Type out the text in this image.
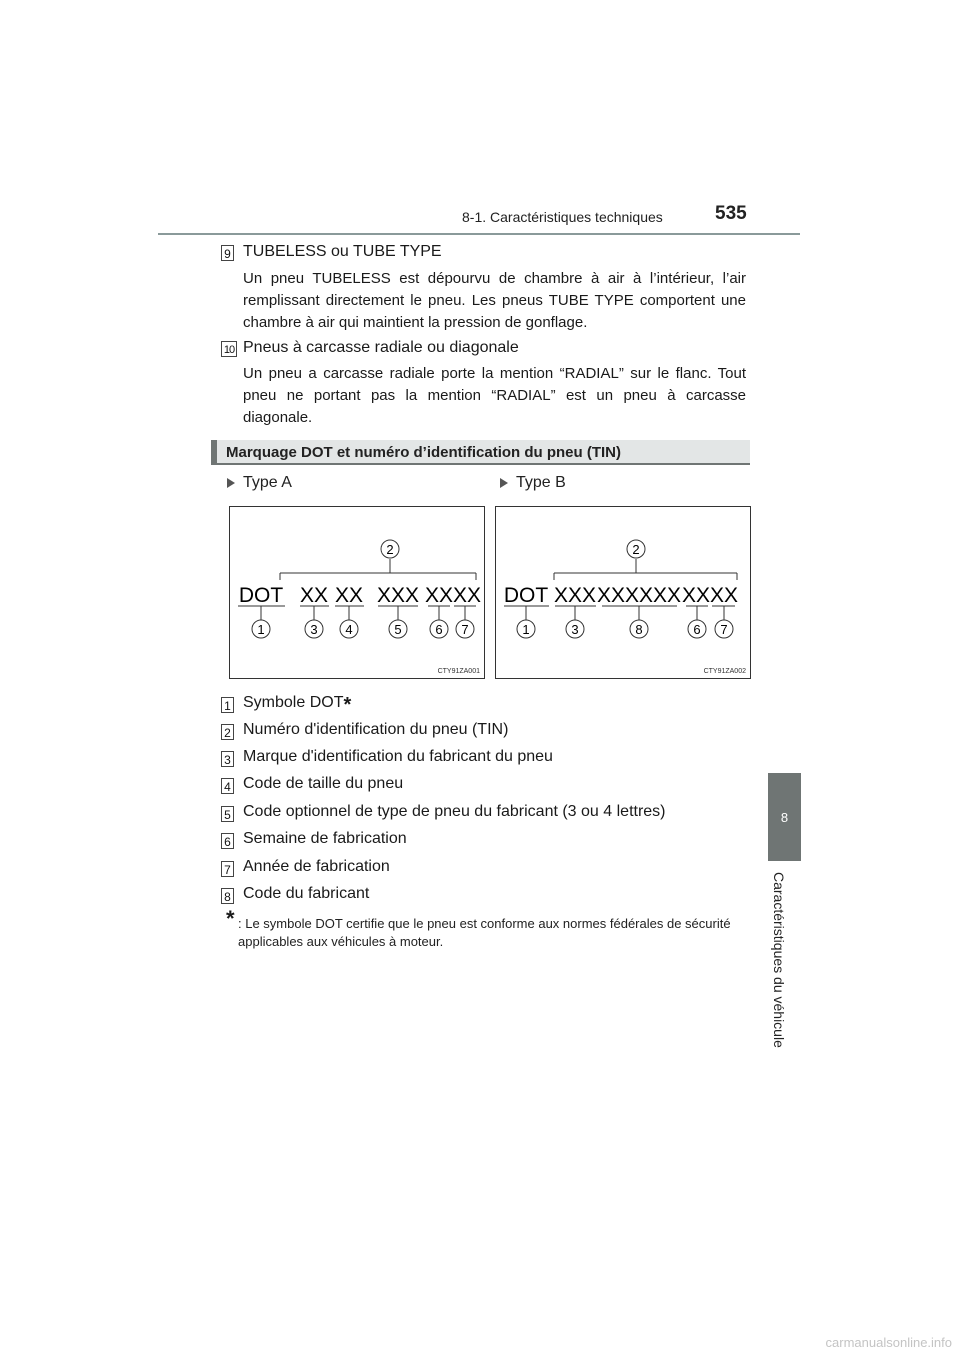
8-1. Caractéristiques techniques	535
8
Caractéristiques du véhicule
9 TUBELESS ou TUBE TYPE
Un pneu TUBELESS est dépourvu de chambre à air à l’intérieur, l’air remplissant directement le pneu. Les pneus TUBE TYPE comportent une chambre à air qui maintient la pression de gonflage.
10 Pneus à carcasse radiale ou diagonale
Un pneu a carcasse radiale porte la mention “RADIAL” sur le flanc. Tout pneu ne portant pas la mention “RADIAL” est un pneu à carcasse diagonale.
Marquage DOT et numéro d’identification du pneu (TIN)
Type A	Type B
2
DOT XX XX XXX XXXX
1	3 4	5	6 7
CTY91ZA001
2
DOT XXX XXXXXX XXXX
1	3	8	6 7
CTY91ZA002
1 Symbole DOT*
2 Numéro d'identification du pneu (TIN)
3 Marque d'identification du fabricant du pneu
4 Code de taille du pneu
5 Code optionnel de type de pneu du fabricant (3 ou 4 lettres)
6 Semaine de fabrication
7 Année de fabrication
8 Code du fabricant
* : Le symbole DOT certifie que le pneu est conforme aux normes fédérales de sécurité applicables aux véhicules à moteur.
carmanualsonline.info
